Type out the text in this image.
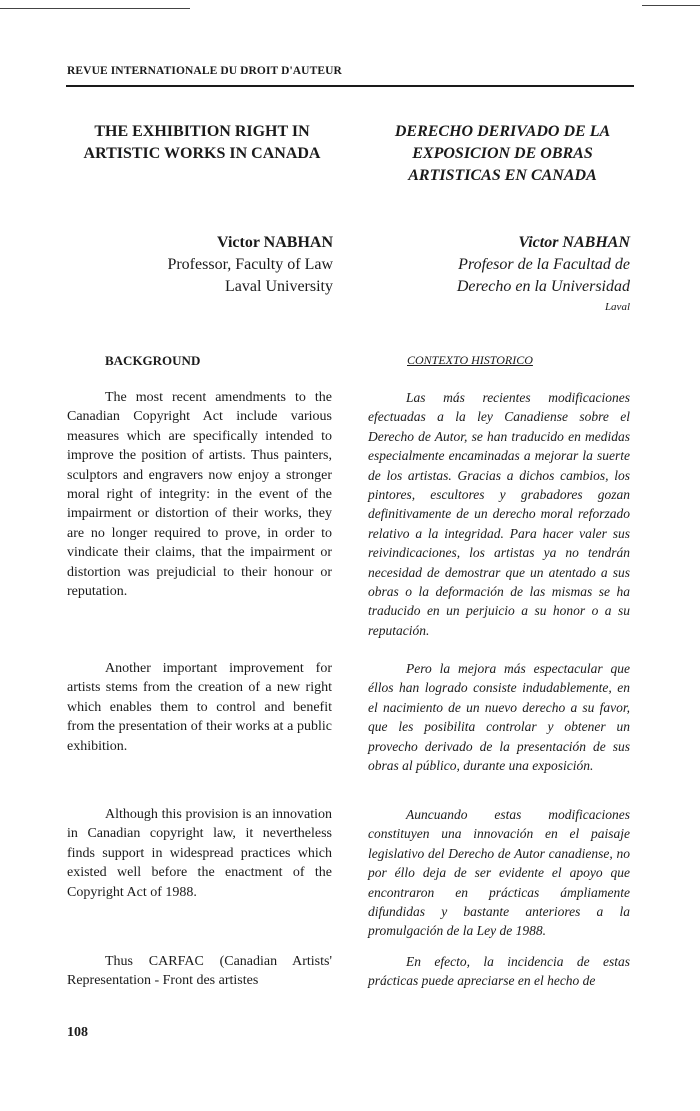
REVUE INTERNATIONALE DU DROIT D'AUTEUR
THE EXHIBITION RIGHT IN ARTISTIC WORKS IN CANADA
DERECHO DERIVADO DE LA EXPOSICION DE OBRAS ARTISTICAS EN CANADA
Victor NABHAN
Professor, Faculty of Law
Laval University
Victor NABHAN
Profesor de la Facultad de
Derecho en la Universidad
Laval
BACKGROUND	CONTEXTO HISTORICO

The most recent amendments to the Canadian Copyright Act include various measures which are specifically intended to improve the position of artists. Thus painters, sculptors and engravers now enjoy a stronger moral right of integrity: in the event of the impairment or distortion of their works, they are no longer required to prove, in order to vindicate their claims, that the impairment or distortion was prejudicial to their honour or reputation.

Another important improvement for artists stems from the creation of a new right which enables them to control and benefit from the presentation of their works at a public exhibition.

Although this provision is an innovation in Canadian copyright law, it nevertheless finds support in widespread practices which existed well before the enactment of the Copyright Act of 1988.

Thus CARFAC (Canadian Artists' Representation - Front des artistes

Las más recientes modificaciones efectuadas a la ley Canadiense sobre el Derecho de Autor, se han traducido en medidas especialmente encaminadas a mejorar la suerte de los artistas. Gracias a dichos cambios, los pintores, escultores y grabadores gozan definitivamente de un derecho moral reforzado relativo a la integridad. Para hacer valer sus reivindicaciones, los artistas ya no tendrán necesidad de demostrar que un atentado a sus obras o la deformación de las mismas se ha traducido en un perjuicio a su honor o a su reputación.

Pero la mejora más espectacular que éllos han logrado consiste indudablemente, en el nacimiento de un nuevo derecho a su favor, que les posibilita controlar y obtener un provecho derivado de la presentación de sus obras al público, durante una exposición.

Auncuando estas modificaciones constituyen una innovación en el paisaje legislativo del Derecho de Autor canadiense, no por éllo deja de ser evidente el apoyo que encontraron en prácticas ámpliamente difundidas y bastante anteriores a la promulgación de la Ley de 1988.

En efecto, la incidencia de estas prácticas puede apreciarse en el hecho de

108
